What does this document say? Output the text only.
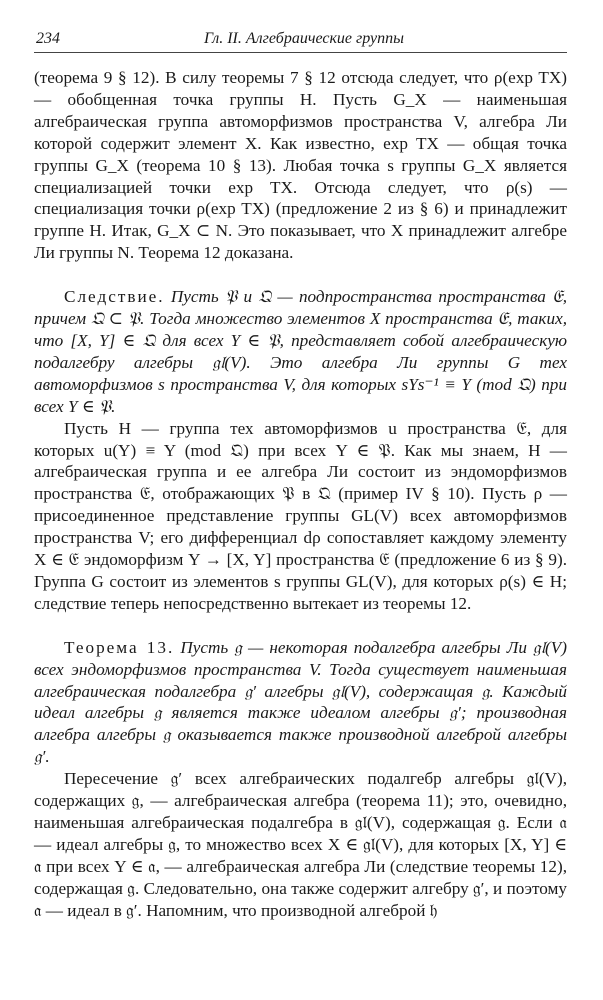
234	Гл. II. Алгебраические группы

(теорема 9 § 12). В силу теоремы 7 § 12 отсюда следует, что ρ(exp TX) — обобщенная точка группы H. Пусть G_X — наименьшая алгебраическая группа автоморфизмов пространства V, алгебра Ли которой содержит элемент X. Как известно, exp TX — общая точка группы G_X (теорема 10 § 13). Любая точка s группы G_X является специализацией точки exp TX. Отсюда следует, что ρ(s) — специализация точки ρ(exp TX) (предложение 2 из § 6) и принадлежит группе H. Итак, G_X ⊂ N. Это показывает, что X принадлежит алгебре Ли группы N. Теорема 12 доказана.

Следствие. Пусть 𝔓 и 𝔔 — подпространства пространства 𝔈, причем 𝔔 ⊂ 𝔓. Тогда множество элементов X пространства 𝔈, таких, что [X, Y] ∈ 𝔔 для всех Y ∈ 𝔓, представляет собой алгебраическую подалгебру алгебры 𝔤𝔩(V). Это алгебра Ли группы G тех автоморфизмов s пространства V, для которых sYs⁻¹ ≡ Y (mod 𝔔) при всех Y ∈ 𝔓.

Пусть H — группа тех автоморфизмов u пространства 𝔈, для которых u(Y) ≡ Y (mod 𝔔) при всех Y ∈ 𝔓. Как мы знаем, H — алгебраическая группа и ее алгебра Ли состоит из эндоморфизмов пространства 𝔈, отображающих 𝔓 в 𝔔 (пример IV § 10). Пусть ρ — присоединенное представление группы GL(V) всех автоморфизмов пространства V; его дифференциал dρ сопоставляет каждому элементу X ∈ 𝔈 эндоморфизм Y → [X, Y] пространства 𝔈 (предложение 6 из § 9). Группа G состоит из элементов s группы GL(V), для которых ρ(s) ∈ H; следствие теперь непосредственно вытекает из теоремы 12.

Теорема 13. Пусть 𝔤 — некоторая подалгебра алгебры Ли 𝔤𝔩(V) всех эндоморфизмов пространства V. Тогда существует наименьшая алгебраическая подалгебра 𝔤′ алгебры 𝔤𝔩(V), содержащая 𝔤. Каждый идеал алгебры 𝔤 является также идеалом алгебры 𝔤′; производная алгебра алгебры 𝔤 оказывается также производной алгеброй алгебры 𝔤′.

Пересечение 𝔤′ всех алгебраических подалгебр алгебры 𝔤𝔩(V), содержащих 𝔤, — алгебраическая алгебра (теорема 11); это, очевидно, наименьшая алгебраическая подалгебра в 𝔤𝔩(V), содержащая 𝔤. Если 𝔞 — идеал алгебры 𝔤, то множество всех X ∈ 𝔤𝔩(V), для которых [X, Y] ∈ 𝔞 при всех Y ∈ 𝔞, — алгебраическая алгебра Ли (следствие теоремы 12), содержащая 𝔤. Следовательно, она также содержит алгебру 𝔤′, и поэтому 𝔞 — идеал в 𝔤′. Напомним, что производной алгеброй 𝔥
